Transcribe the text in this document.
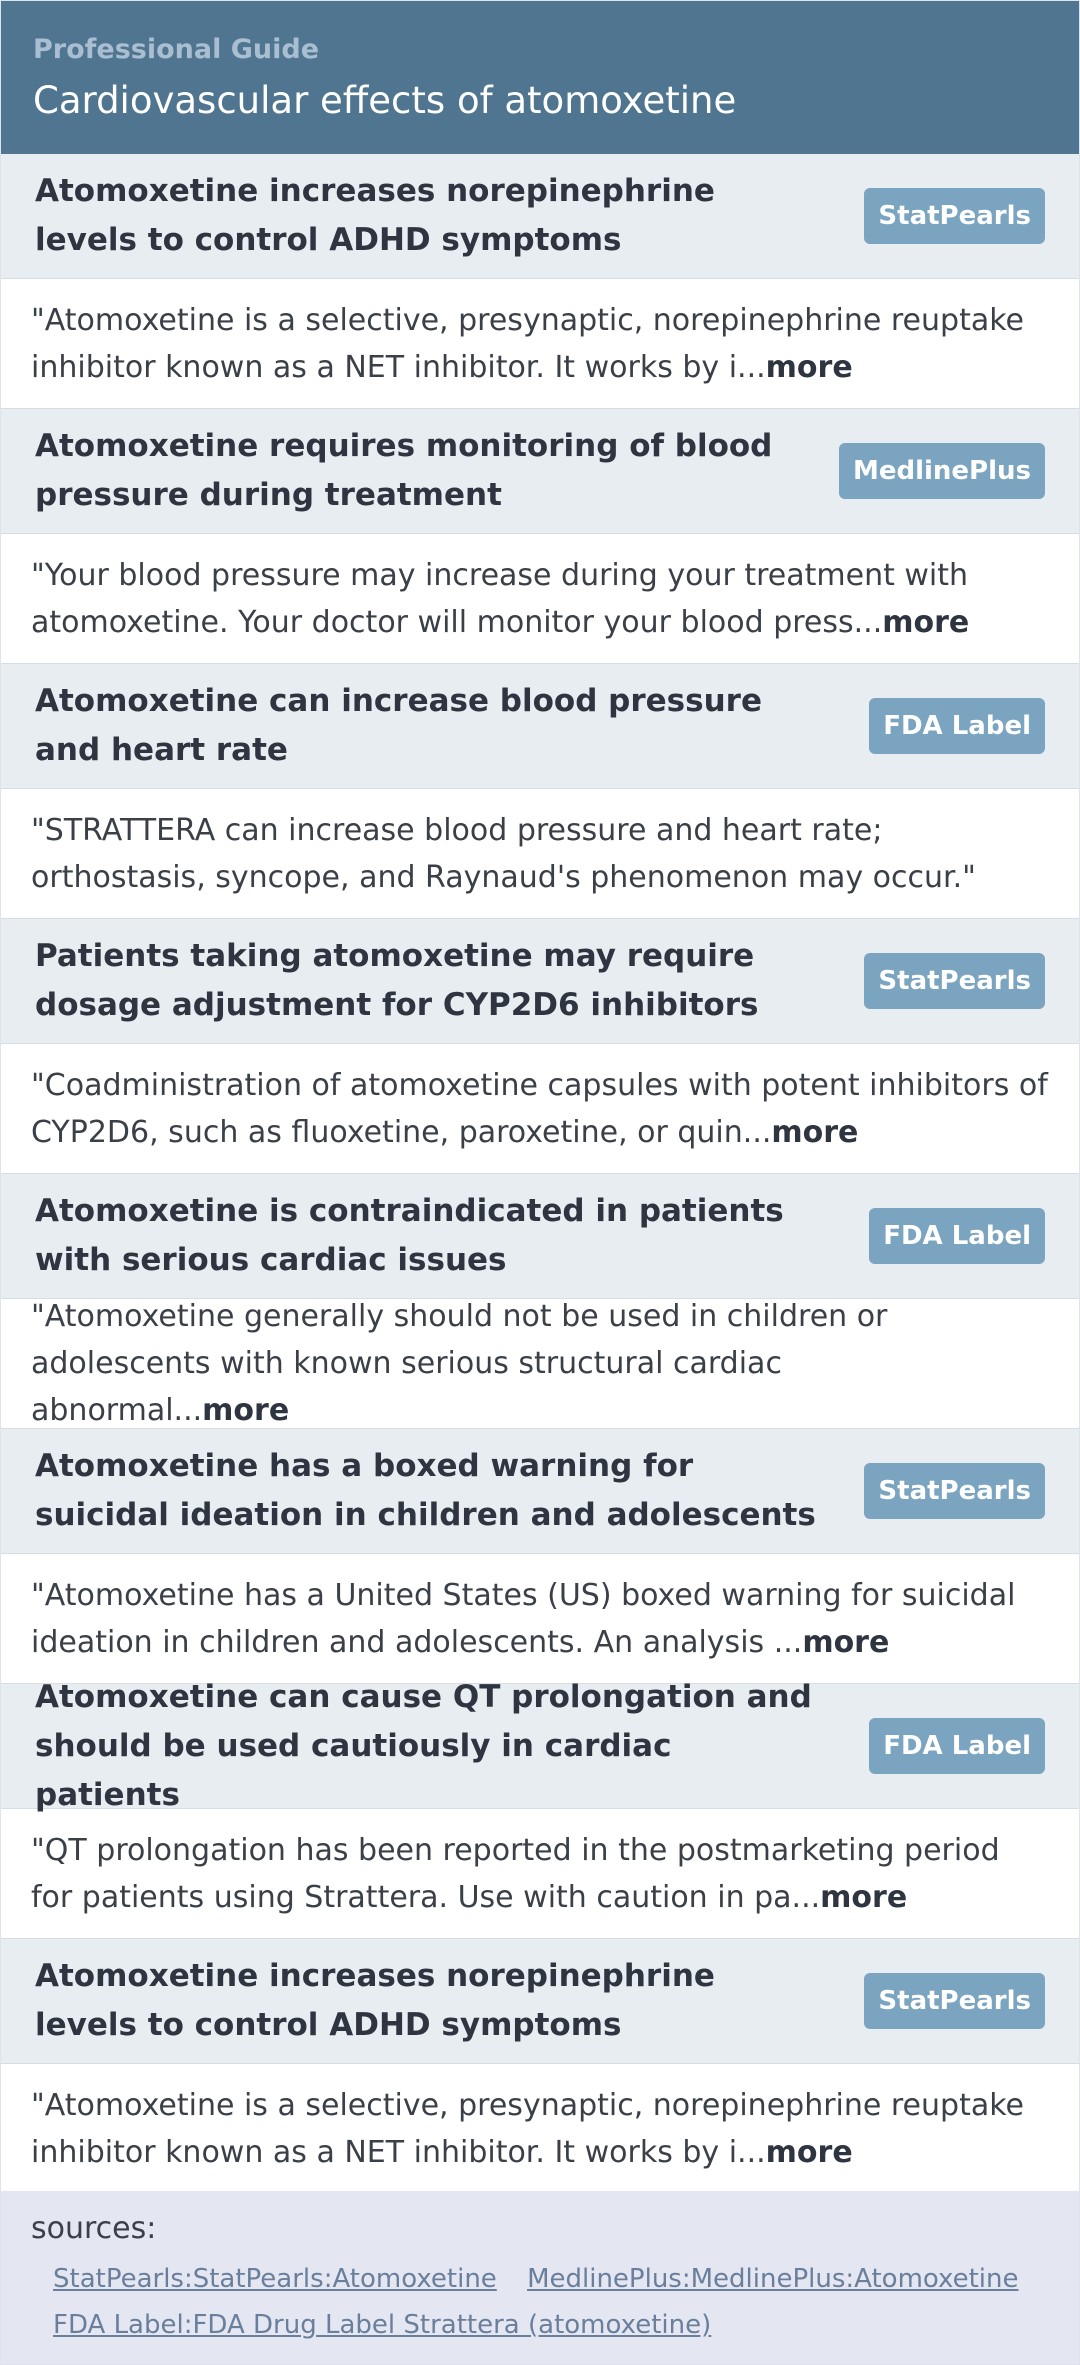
Professional Guide
Cardiovascular effects of atomoxetine
Atomoxetine increases norepinephrine levels to control ADHD symptoms
StatPearls
"Atomoxetine is a selective, presynaptic, norepinephrine reuptake inhibitor known as a NET inhibitor. It works by i...more
Atomoxetine requires monitoring of blood pressure during treatment
MedlinePlus
"Your blood pressure may increase during your treatment with atomoxetine. Your doctor will monitor your blood press...more
Atomoxetine can increase blood pressure and heart rate
FDA Label
"STRATTERA can increase blood pressure and heart rate; orthostasis, syncope, and Raynaud's phenomenon may occur."
Patients taking atomoxetine may require dosage adjustment for CYP2D6 inhibitors
StatPearls
"Coadministration of atomoxetine capsules with potent inhibitors of CYP2D6, such as fluoxetine, paroxetine, or quin...more
Atomoxetine is contraindicated in patients with serious cardiac issues
FDA Label
"Atomoxetine generally should not be used in children or adolescents with known serious structural cardiac abnormal...more
Atomoxetine has a boxed warning for suicidal ideation in children and adolescents
StatPearls
"Atomoxetine has a United States (US) boxed warning for suicidal ideation in children and adolescents. An analysis ...more
Atomoxetine can cause QT prolongation and should be used cautiously in cardiac patients
FDA Label
"QT prolongation has been reported in the postmarketing period for patients using Strattera. Use with caution in pa...more
Atomoxetine increases norepinephrine levels to control ADHD symptoms
StatPearls
"Atomoxetine is a selective, presynaptic, norepinephrine reuptake inhibitor known as a NET inhibitor. It works by i...more
sources:
StatPearls:StatPearls:Atomoxetine MedlinePlus:MedlinePlus:Atomoxetine FDA Label:FDA Drug Label Strattera (atomoxetine)
